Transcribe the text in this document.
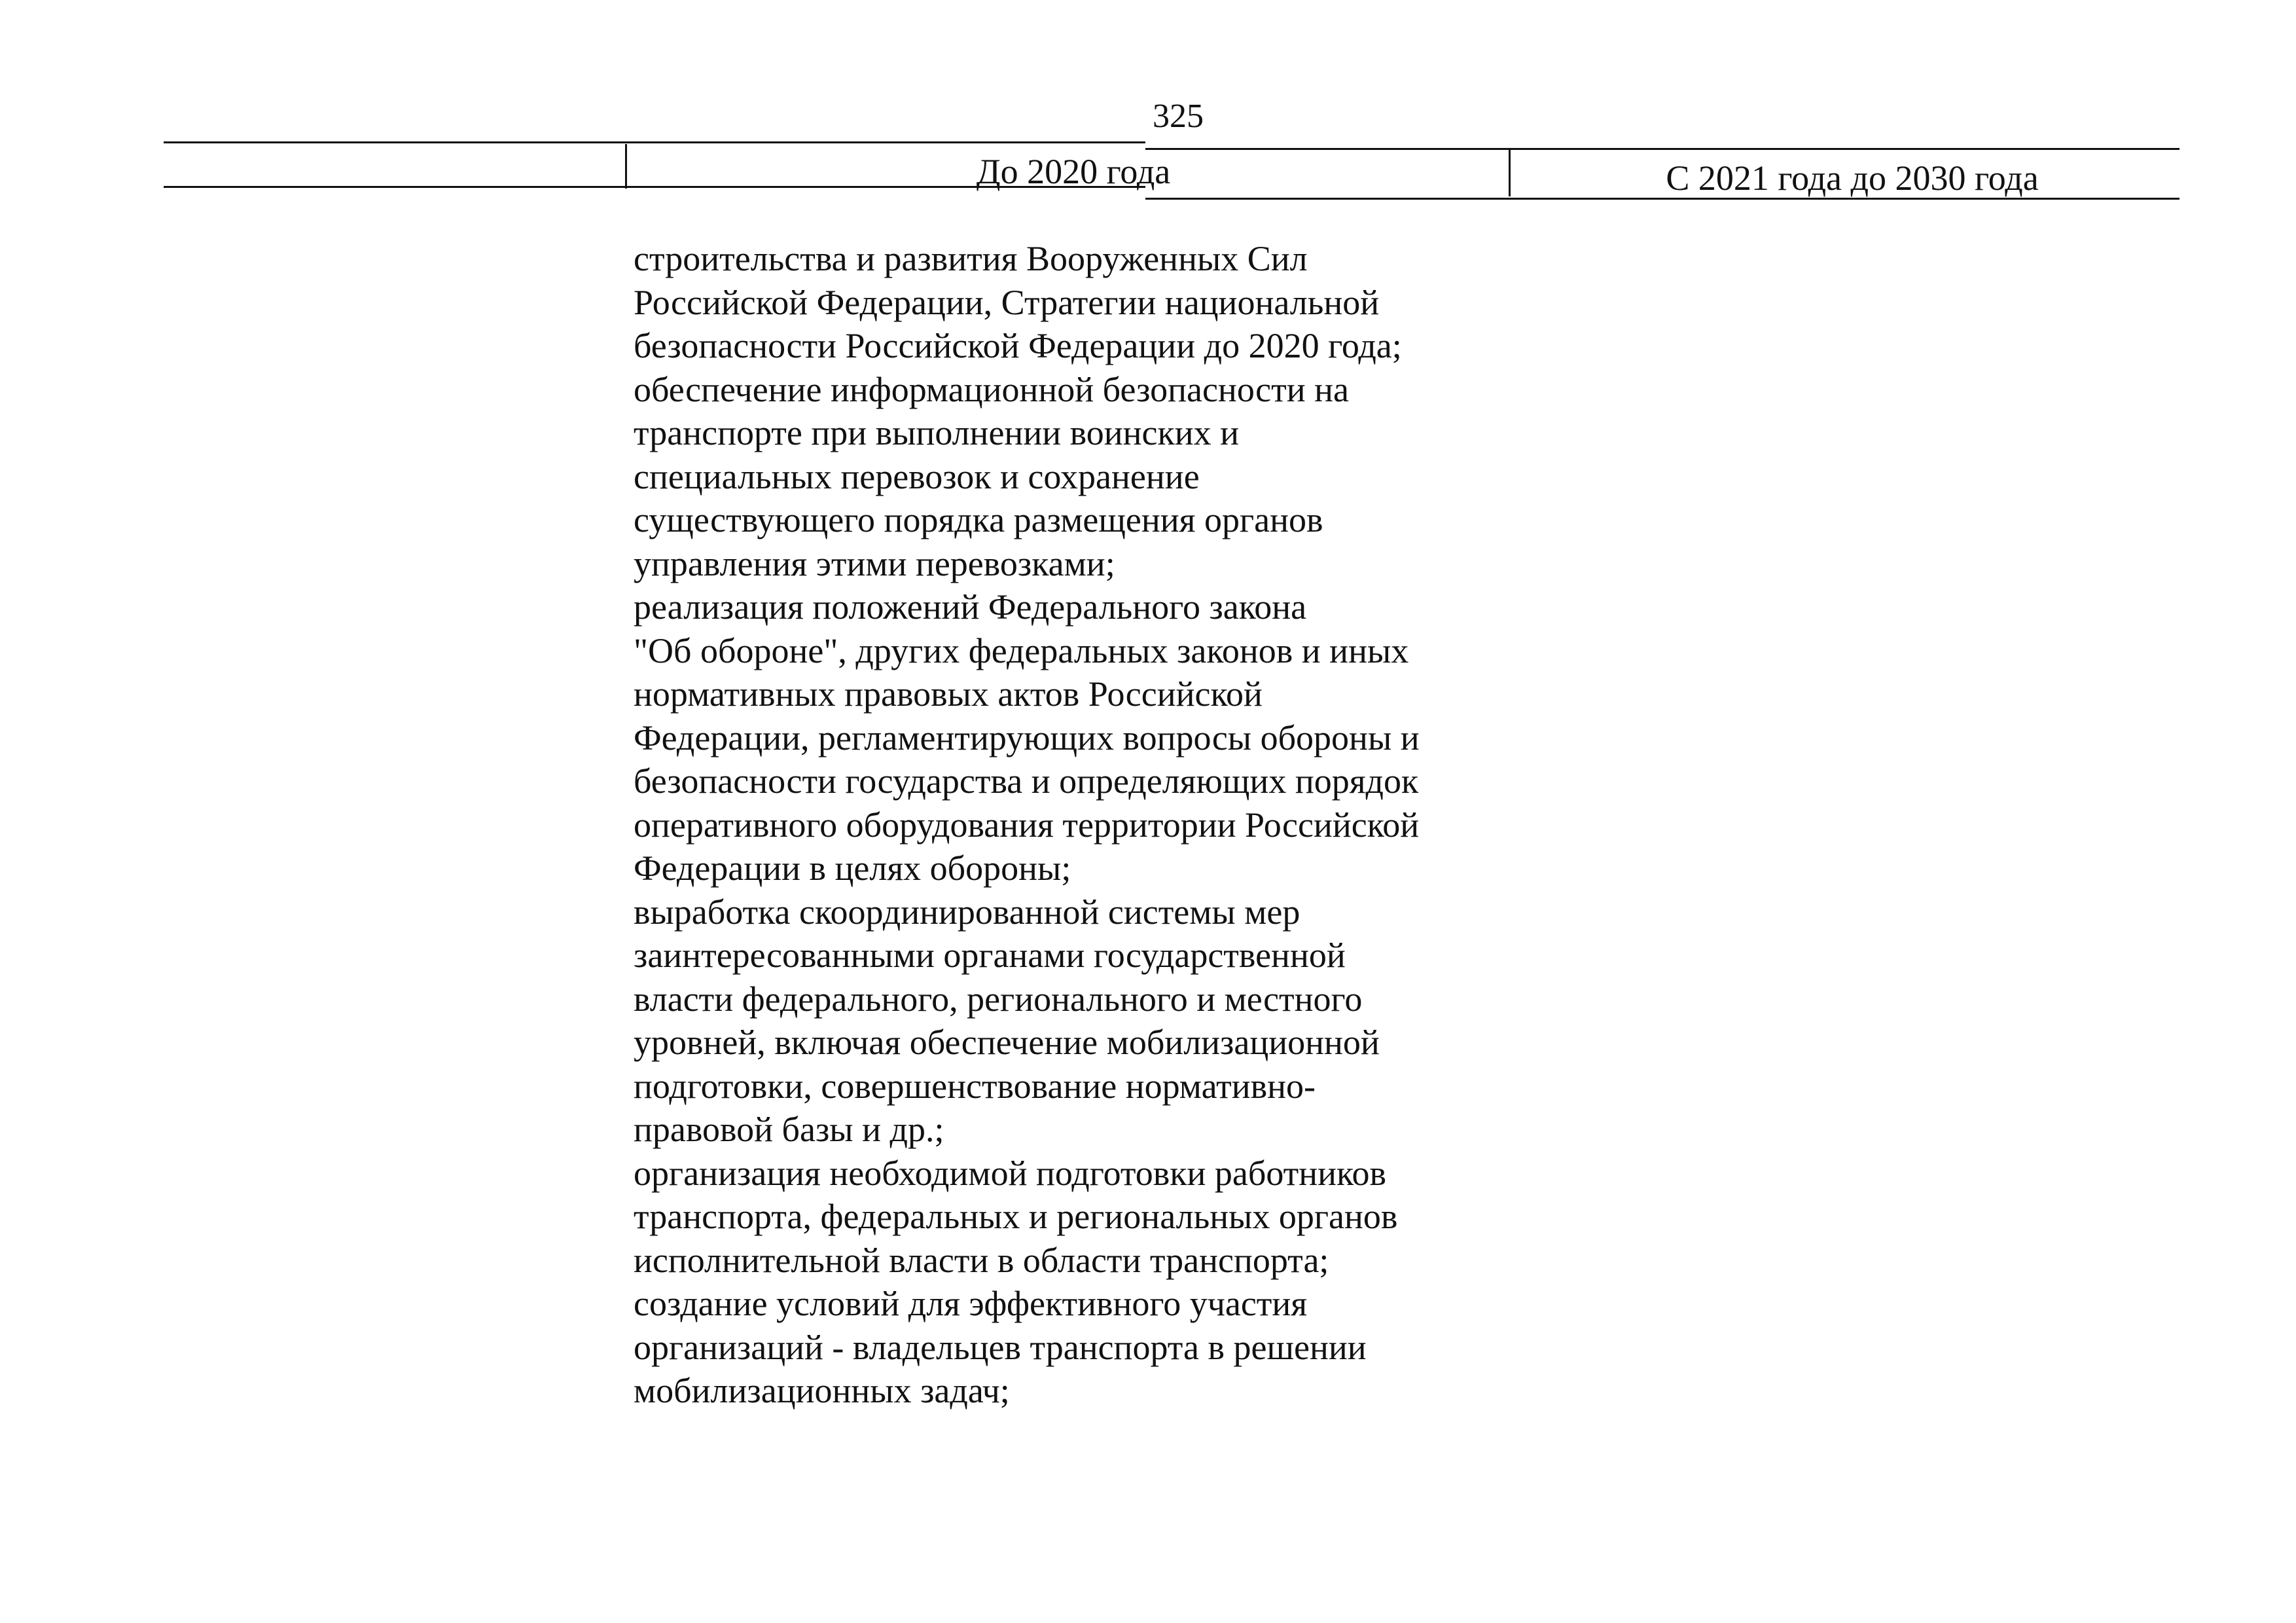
325
До 2020 года	С 2021 года до 2030 года
строительства и развития Вооруженных Сил
Российской Федерации, Стратегии национальной
безопасности Российской Федерации до 2020 года;
обеспечение информационной безопасности на
транспорте при выполнении воинских и
специальных перевозок и сохранение
существующего порядка размещения органов
управления этими перевозками;
реализация положений Федерального закона
"Об обороне", других федеральных законов и иных
нормативных правовых актов Российской
Федерации, регламентирующих вопросы обороны и
безопасности государства и определяющих порядок
оперативного оборудования территории Российской
Федерации в целях обороны;
выработка скоординированной системы мер
заинтересованными органами государственной
власти федерального, регионального и местного
уровней, включая обеспечение мобилизационной
подготовки, совершенствование нормативно-
правовой базы и др.;
организация необходимой подготовки работников
транспорта, федеральных и региональных органов
исполнительной власти в области транспорта;
создание условий для эффективного участия
организаций - владельцев транспорта в решении
мобилизационных задач;
